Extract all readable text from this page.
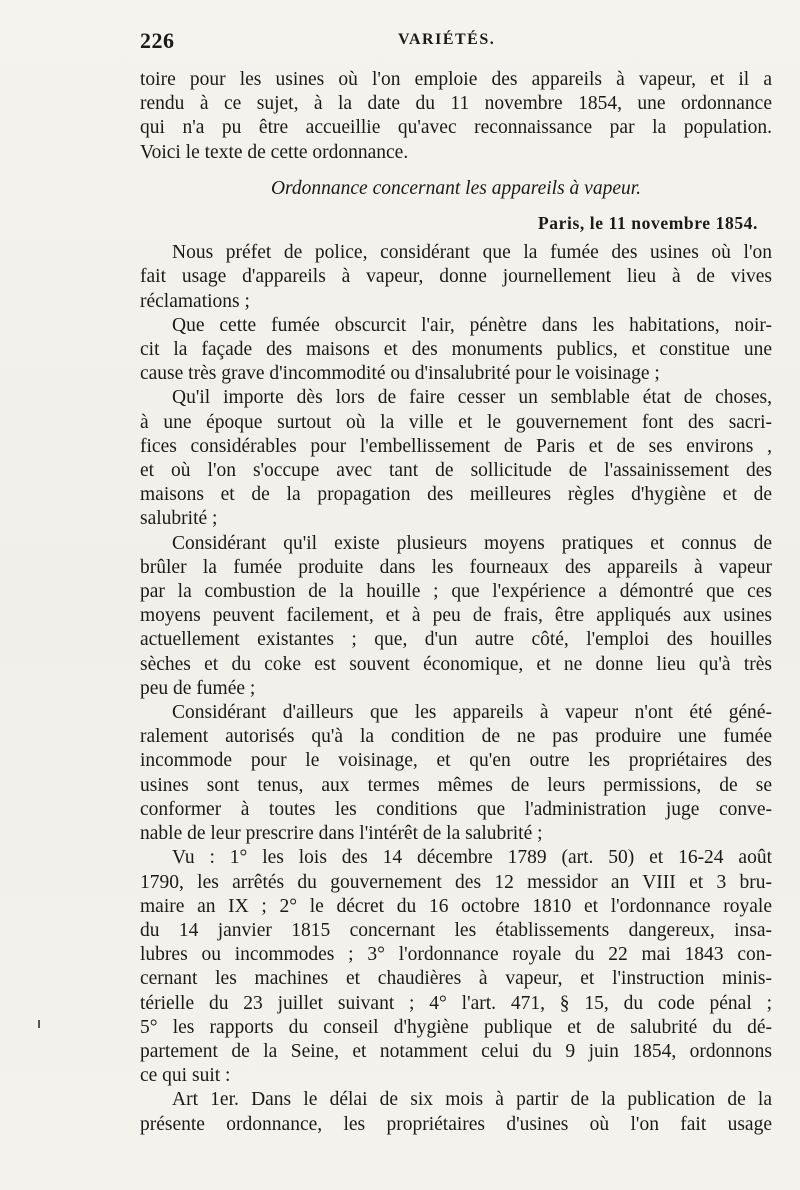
226	VARIÉTÉS.

toire pour les usines où l'on emploie des appareils à vapeur, et il a

rendu à ce sujet, à la date du 11 novembre 1854, une ordonnance

qui n'a pu être accueillie qu'avec reconnaissance par la population.

Voici le texte de cette ordonnance.

Ordonnance concernant les appareils à vapeur.
Paris, le 11 novembre 1854.

Nous préfet de police, considérant que la fumée des usines où l'on

fait usage d'appareils à vapeur, donne journellement lieu à de vives

réclamations ;

Que cette fumée obscurcit l'air, pénètre dans les habitations, noir-

cit la façade des maisons et des monuments publics, et constitue une

cause très grave d'incommodité ou d'insalubrité pour le voisinage ;

Qu'il importe dès lors de faire cesser un semblable état de choses,

à une époque surtout où la ville et le gouvernement font des sacri-

fices considérables pour l'embellissement de Paris et de ses environs ,

et où l'on s'occupe avec tant de sollicitude de l'assainissement des

maisons et de la propagation des meilleures règles d'hygiène et de

salubrité ;

Considérant qu'il existe plusieurs moyens pratiques et connus de

brûler la fumée produite dans les fourneaux des appareils à vapeur

par la combustion de la houille ; que l'expérience a démontré que ces

moyens peuvent facilement, et à peu de frais, être appliqués aux usines

actuellement existantes ; que, d'un autre côté, l'emploi des houilles

sèches et du coke est souvent économique, et ne donne lieu qu'à très

peu de fumée ;

Considérant d'ailleurs que les appareils à vapeur n'ont été géné-

ralement autorisés qu'à la condition de ne pas produire une fumée

incommode pour le voisinage, et qu'en outre les propriétaires des

usines sont tenus, aux termes mêmes de leurs permissions, de se

conformer à toutes les conditions que l'administration juge conve-

nable de leur prescrire dans l'intérêt de la salubrité ;

Vu : 1° les lois des 14 décembre 1789 (art. 50) et 16-24 août

1790, les arrêtés du gouvernement des 12 messidor an VIII et 3 bru-

maire an IX ; 2° le décret du 16 octobre 1810 et l'ordonnance royale

du 14 janvier 1815 concernant les établissements dangereux, insa-

lubres ou incommodes ; 3° l'ordonnance royale du 22 mai 1843 con-

cernant les machines et chaudières à vapeur, et l'instruction minis-

térielle du 23 juillet suivant ; 4° l'art. 471, § 15, du code pénal ;

5° les rapports du conseil d'hygiène publique et de salubrité du dé-

partement de la Seine, et notamment celui du 9 juin 1854, ordonnons

ce qui suit :

Art 1er. Dans le délai de six mois à partir de la publication de la

présente ordonnance, les propriétaires d'usines où l'on fait usage
